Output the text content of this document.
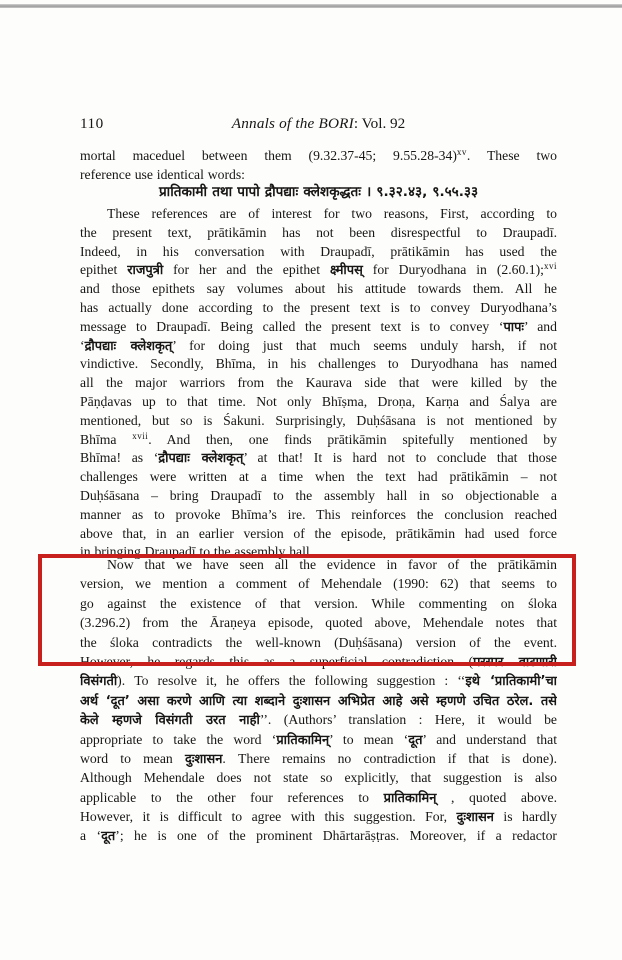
110	Annals of the BORI: Vol. 92
mortal maceduel between them (9.32.37-45; 9.55.28-34)$^{xv}$. These two
reference use identical words:
प्रातिकामी तथा पापो द्रौपद्याः क्लेशकृद्धतः । ९.३२.४३, ९.५५.३३
These references are of interest for two reasons, First, according to
the present text, prātikāmin has not been disrespectful to Draupadī.
Indeed, in his conversation with Draupadī, prātikāmin has used the
epithet राजपुत्री for her and the epithet क्ष्मीपस् for Duryodhana in (2.60.1);$^{xvi}$
and those epithets say volumes about his attitude towards them. All he
has actually done according to the present text is to convey Duryodhana’s
message to Draupadī. Being called the present text is to convey ‘पापः’ and
‘द्रौपद्याः क्लेशकृत्’ for doing just that much seems unduly harsh, if not
vindictive. Secondly, Bhīma, in his challenges to Duryodhana has named
all the major warriors from the Kaurava side that were killed by the
Pāṇḍavas up to that time. Not only Bhīṣma, Droṇa, Karṇa and Śalya are
mentioned, but so is Śakuni. Surprisingly, Duḥśāsana is not mentioned by
Bhīma $^{xvii}$. And then, one finds prātikāmin spitefully mentioned by
Bhīma! as ‘द्रौपद्याः क्लेशकृत्’ at that! It is hard not to conclude that those
challenges were written at a time when the text had prātikāmin – not
Duḥśāsana – bring Draupadī to the assembly hall in so objectionable a
manner as to provoke Bhīma’s ire. This reinforces the conclusion reached
above that, in an earlier version of the episode, prātikāmin had used force
in bringing Draupadī to the assembly hall.
Now that we have seen all the evidence in favor of the prātikāmin
version, we mention a comment of Mehendale (1990: 62) that seems to
go against the existence of that version. While commenting on śloka
(3.296.2) from the Āraṇeya episode, quoted above, Mehendale notes that
the śloka contradicts the well-known (Duḥśāsana) version of the event.
However, he regards this as a superficial contradiction (परस्पर वाटणारी
विसंगती). To resolve it, he offers the following suggestion : ‘‘इथे ‘प्रातिकामी’चा
अर्थ ‘दूत’ असा करणे आणि त्या शब्दाने दुःशासन अभिप्रेत आहे असे म्हणणे उचित ठरेल. तसे
केले म्हणजे विसंगती उरत नाही’’. (Authors’ translation : Here, it would be
appropriate to take the word ‘प्रातिकामिन्’ to mean ‘दूत’ and understand that
word to mean दुःशासन. There remains no contradiction if that is done).
Although Mehendale does not state so explicitly, that suggestion is also
applicable to the other four references to प्रातिकामिन् , quoted above.
However, it is difficult to agree with this suggestion. For, दुःशासन is hardly
a ‘दूत’; he is one of the prominent Dhārtarāṣṭras. Moreover, if a redactor
